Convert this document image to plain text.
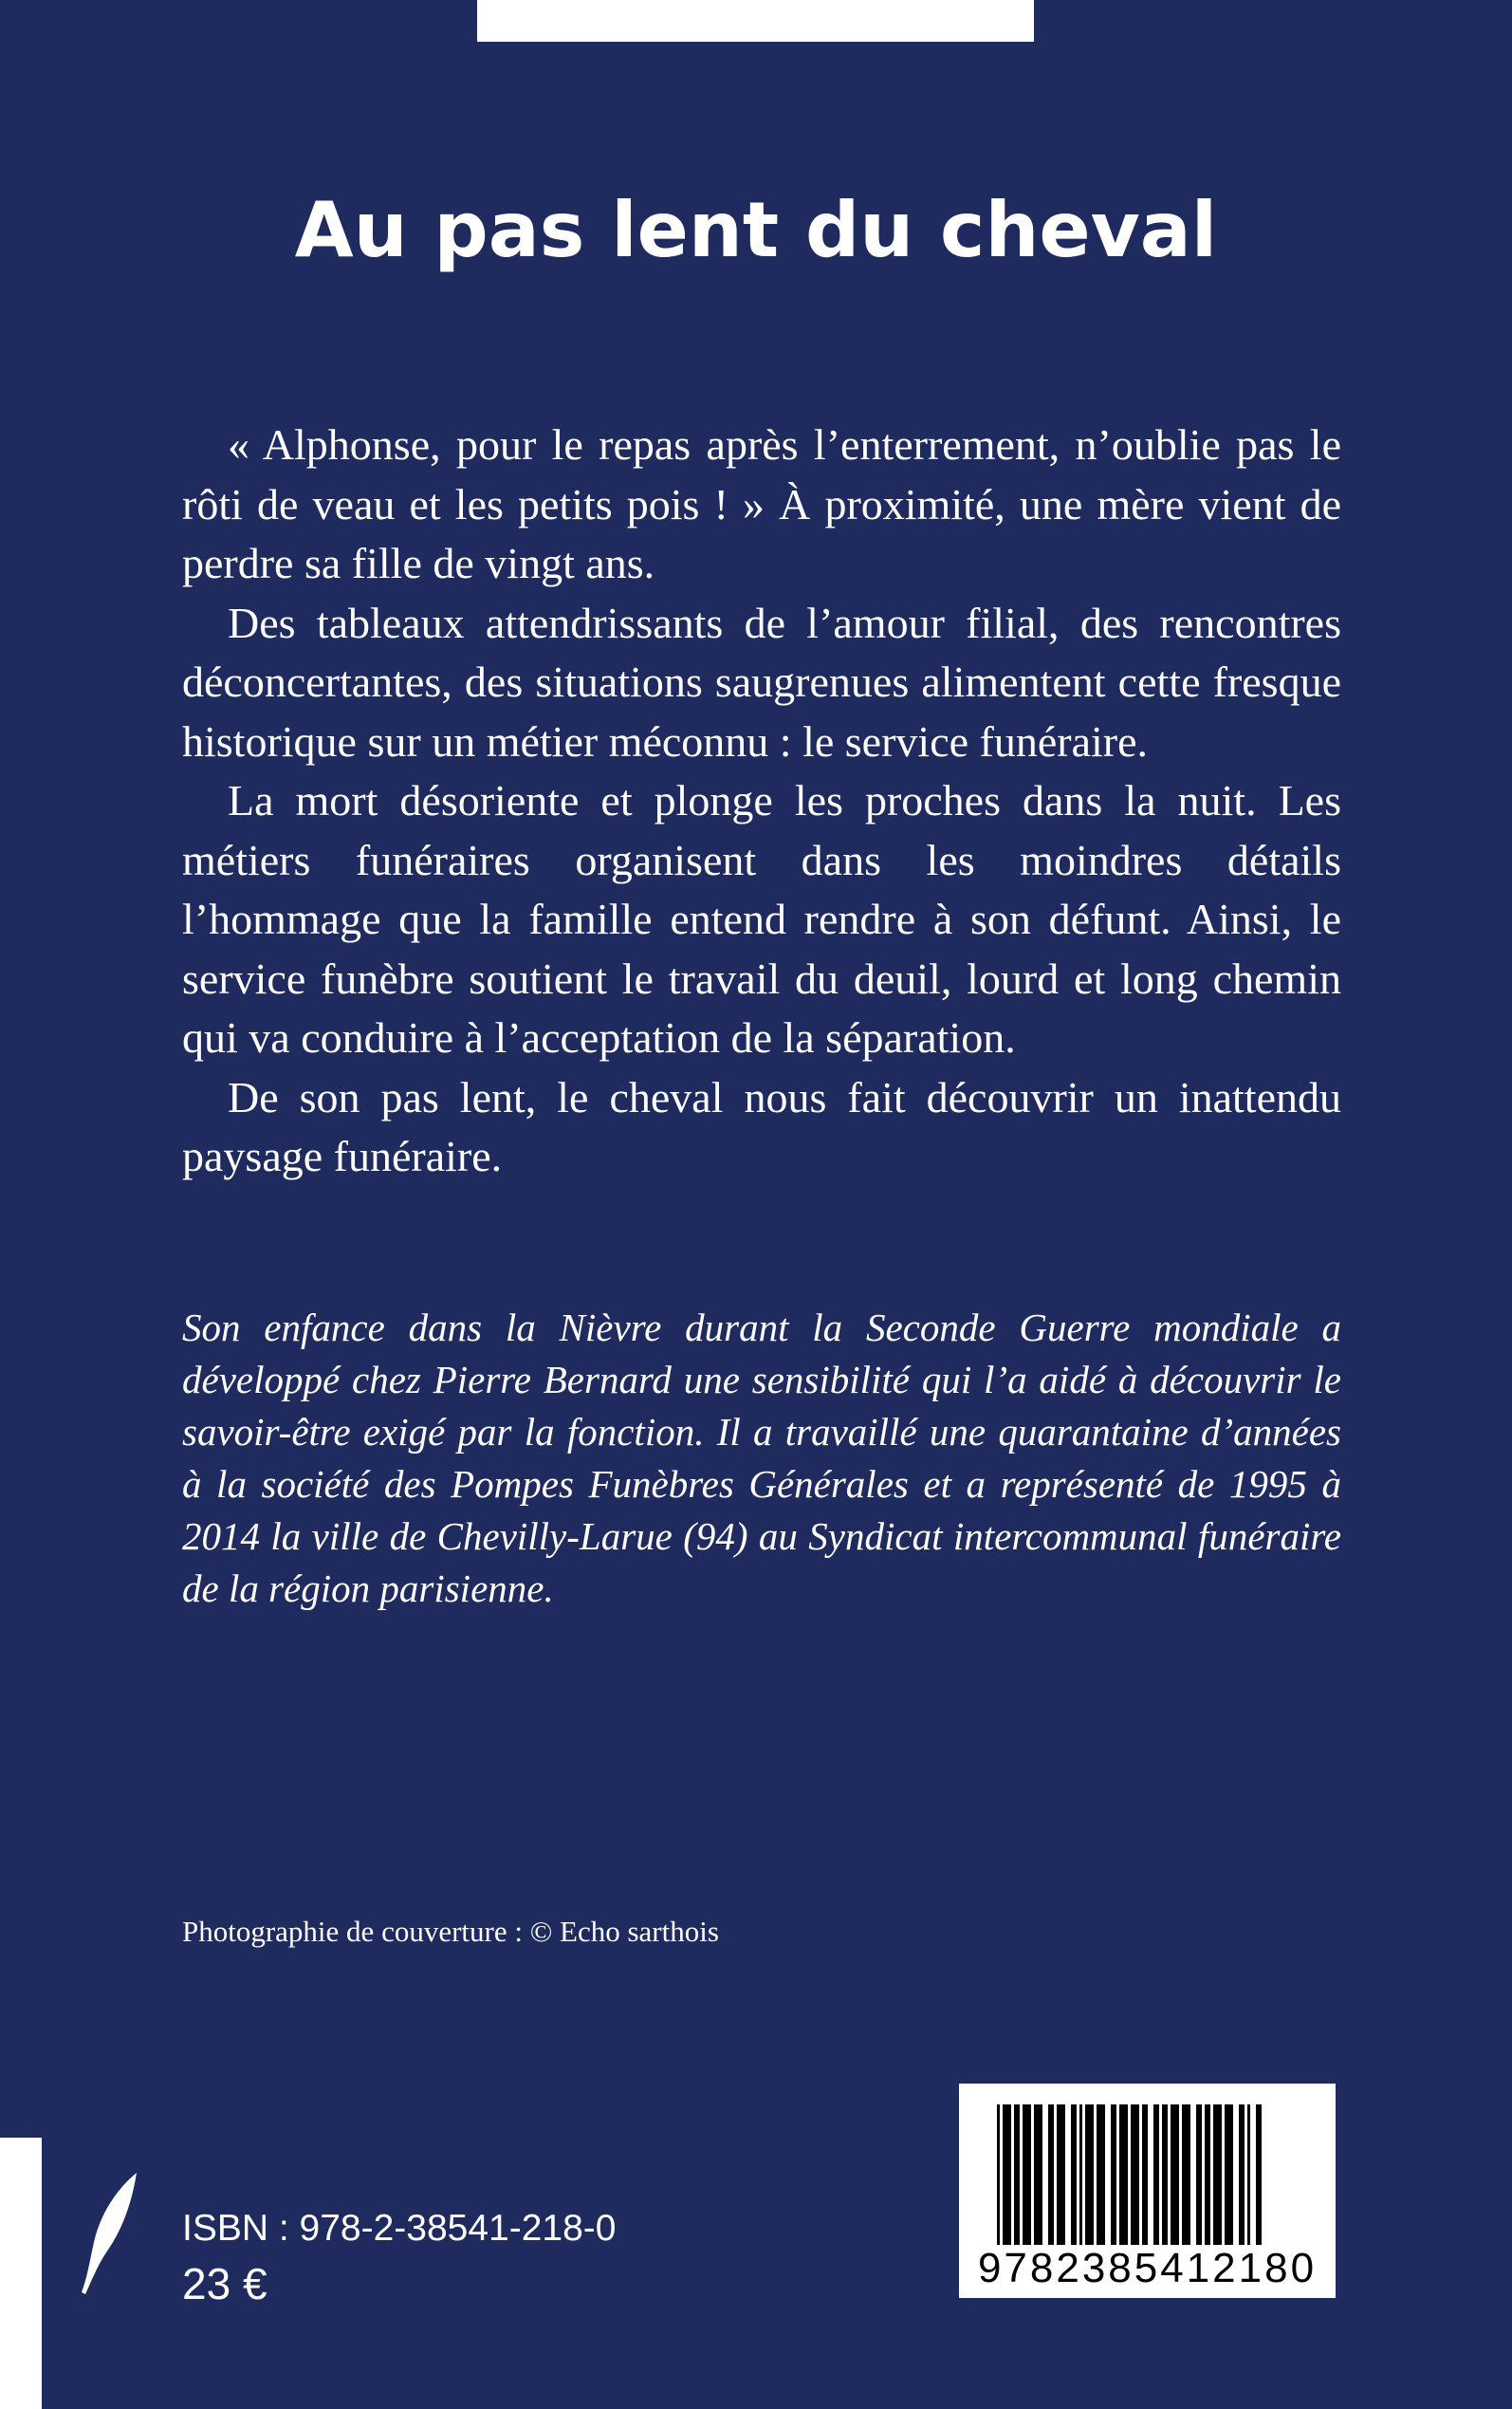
Au pas lent du cheval

« Alphonse, pour le repas après l’enterrement, n’oublie pas le rôti de veau et les petits pois ! » À proximité, une mère vient de perdre sa fille de vingt ans.

Des tableaux attendrissants de l’amour filial, des rencontres déconcertantes, des situations saugrenues alimentent cette fresque historique sur un métier méconnu : le service funéraire.

La mort désoriente et plonge les proches dans la nuit. Les métiers funéraires organisent dans les moindres détails l’hommage que la famille entend rendre à son défunt. Ainsi, le service funèbre soutient le travail du deuil, lourd et long chemin qui va conduire à l’acceptation de la séparation.

De son pas lent, le cheval nous fait découvrir un inattendu paysage funéraire.

Son enfance dans la Nièvre durant la Seconde Guerre mondiale a développé chez Pierre Bernard une sensibilité qui l’a aidé à découvrir le savoir-être exigé par la fonction. Il a travaillé une quarantaine d’années à la société des Pompes Funèbres Générales et a représenté de 1995 à 2014 la ville de Chevilly-Larue (94) au Syndicat intercommunal funéraire de la région parisienne.
Photographie de couverture : © Echo sarthois
ISBN : 978-2-38541-218-0
23 €	9782385412180
